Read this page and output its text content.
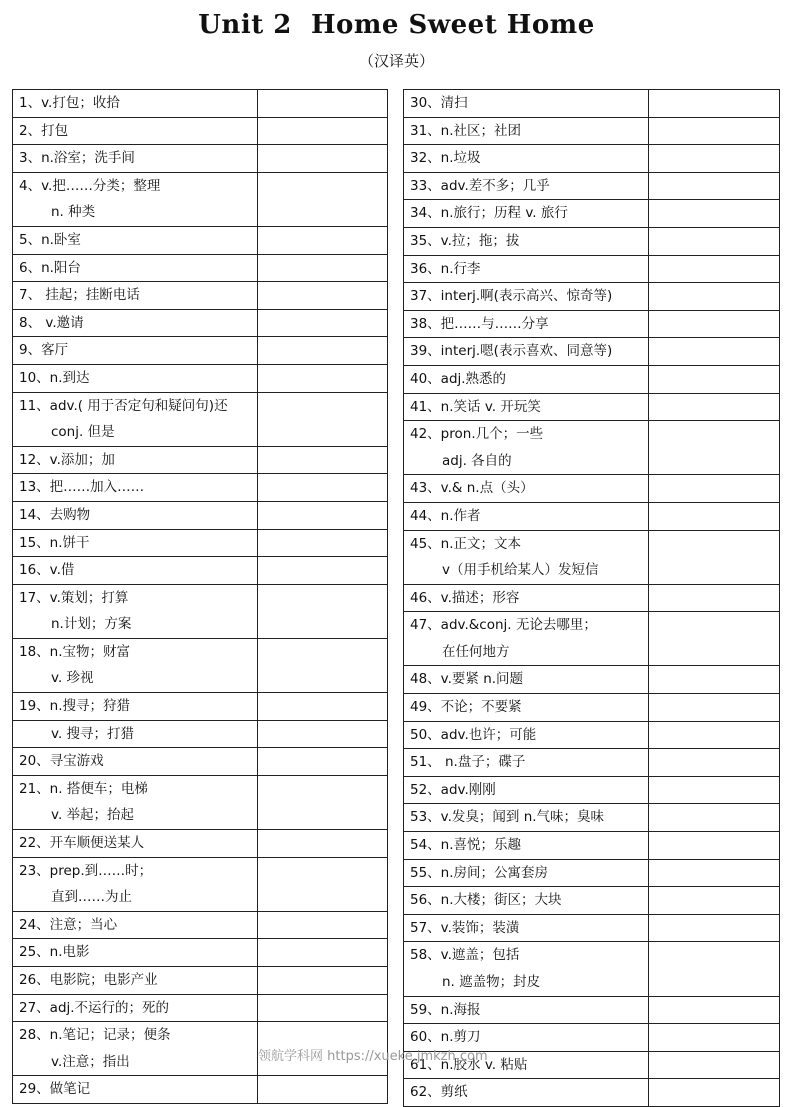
Unit 2  Home Sweet Home
（汉译英）
1、v.打包；收拾	

2、打包	

3、n.浴室；洗手间	

4、v.把……分类；整理
n. 种类	

5、n.卧室	

6、n.阳台	

7、 挂起；挂断电话	

8、 v.邀请	

9、客厅	

10、n.到达	

11、adv.( 用于否定句和疑问句)还
conj. 但是	

12、v.添加；加	

13、把……加入……	

14、去购物	

15、n.饼干	

16、v.借	

17、v.策划；打算
n.计划；方案	

18、n.宝物；财富
v. 珍视	

19、n.搜寻；狩猎	

v. 搜寻；打猎	

20、寻宝游戏	

21、n. 搭便车；电梯
v. 举起；抬起	

22、开车顺便送某人	

23、prep.到……时；
直到……为止	

24、注意；当心	

25、n.电影	

26、电影院；电影产业	

27、adj.不运行的；死的	

28、n.笔记；记录；便条
v.注意；指出	

29、做笔记	

30、清扫	

31、n.社区；社团	

32、n.垃圾	

33、adv.差不多；几乎	

34、n.旅行；历程 v. 旅行	

35、v.拉；拖；拔	

36、n.行李	

37、interj.啊(表示高兴、惊奇等)	

38、把……与……分享	

39、interj.嗯(表示喜欢、同意等)	

40、adj.熟悉的	

41、n.笑话 v. 开玩笑	

42、pron.几个；一些
adj. 各自的	

43、v.& n.点（头）	

44、n.作者	

45、n.正文；文本
v（用手机给某人）发短信	

46、v.描述；形容	

47、adv.&conj. 无论去哪里；
在任何地方	

48、v.要紧 n.问题	

49、不论；不要紧	

50、adv.也许；可能	

51、 n.盘子；碟子	

52、adv.刚刚	

53、v.发臭；闻到 n.气味；臭味	

54、n.喜悦；乐趣	

55、n.房间；公寓套房	

56、n.大楼；街区；大块	

57、v.装饰；装潢	

58、v.遮盖；包括
n. 遮盖物；封皮	

59、n.海报	

60、n.剪刀	

61、n.胶水 v. 粘贴	

62、剪纸	

领航学科网 https://xueke.jmkzh.com
